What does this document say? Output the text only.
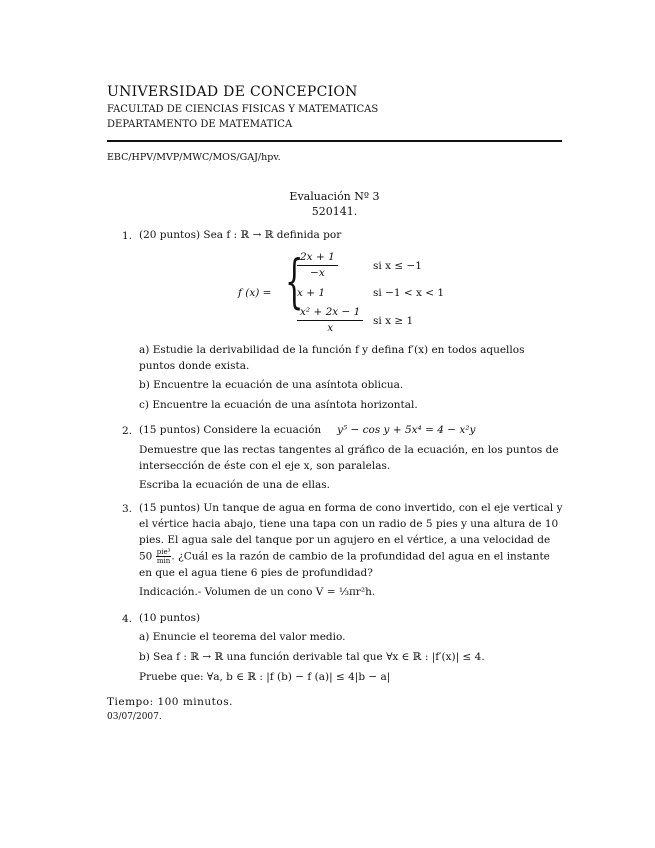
UNIVERSIDAD DE CONCEPCION
FACULTAD DE CIENCIAS FISICAS Y MATEMATICAS
DEPARTAMENTO DE MATEMATICA
EBC/HPV/MVP/MWC/MOS/GAJ/hpv.
Evaluación Nº 3
520141.
1. (20 puntos) Sea f : ℝ → ℝ definida por
f (x) = {
$\frac{2x + 1}{-x}$	si x ≤ −1
x + 1	si −1 < x < 1
$\frac{\text{x² + 2x − 1}}{x}$ si x ≥ 1
a) Estudie la derivabilidad de la función f y defina f′(x) en todos aquellos
puntos donde exista.
b) Encuentre la ecuación de una asíntota oblicua.
c) Encuentre la ecuación de una asíntota horizontal.
2. (15 puntos) Considere la ecuación y⁵ − cos y + 5x⁴ = 4 − x²y
Demuestre que las rectas tangentes al gráfico de la ecuación, en los puntos de
intersección de éste con el eje x, son paralelas.
Escriba la ecuación de una de ellas.
3. (15 puntos) Un tanque de agua en forma de cono invertido, con el eje vertical y
el vértice hacia abajo, tiene una tapa con un radio de 5 pies y una altura de 10
pies. El agua sale del tanque por un agujero en el vértice, a una velocidad de
$50 \frac{\text{pie³}}{\min}$ . ¿Cuál es la razón de cambio de la profundidad del agua en el instante
en que el agua tiene 6 pies de profundidad?
Indicación.- Volumen de un cono V = ⅓πr²h.
4. (10 puntos)
a) Enuncie el teorema del valor medio.
b) Sea f : ℝ → ℝ una función derivable tal que ∀x ∈ ℝ : |f′(x)| ≤ 4.
Pruebe que: ∀a, b ∈ ℝ : |f (b) − f (a)| ≤ 4|b − a|
Tiempo: 100 minutos.
03/07/2007.
